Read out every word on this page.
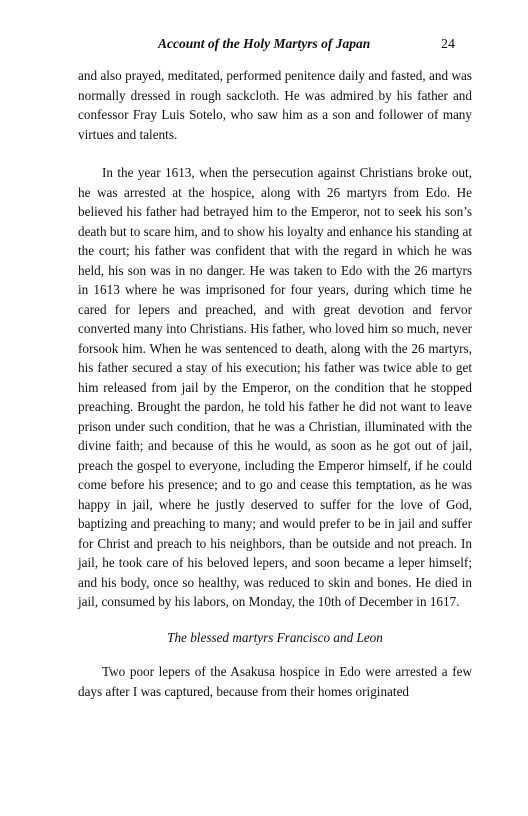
Account of the Holy Martyrs of Japan	24

and also prayed, meditated, performed penitence daily and fasted, and was normally dressed in rough sackcloth. He was admired by his father and confessor Fray Luis Sotelo, who saw him as a son and follower of many virtues and talents.

In the year 1613, when the persecution against Christians broke out, he was arrested at the hospice, along with 26 martyrs from Edo. He believed his father had betrayed him to the Emperor, not to seek his son’s death but to scare him, and to show his loyalty and enhance his standing at the court; his father was confident that with the regard in which he was held, his son was in no danger. He was taken to Edo with the 26 martyrs in 1613 where he was imprisoned for four years, during which time he cared for lepers and preached, and with great devotion and fervor converted many into Christians. His father, who loved him so much, never forsook him. When he was sentenced to death, along with the 26 martyrs, his father secured a stay of his execution; his father was twice able to get him released from jail by the Emperor, on the condition that he stopped preaching. Brought the pardon, he told his father he did not want to leave prison under such condition, that he was a Christian, illuminated with the divine faith; and because of this he would, as soon as he got out of jail, preach the gospel to everyone, including the Emperor himself, if he could come before his presence; and to go and cease this temptation, as he was happy in jail, where he justly deserved to suffer for the love of God, baptizing and preaching to many; and would prefer to be in jail and suffer for Christ and preach to his neighbors, than be outside and not preach. In jail, he took care of his beloved lepers, and soon became a leper himself; and his body, once so healthy, was reduced to skin and bones. He died in jail, consumed by his labors, on Monday, the 10th of December in 1617.

The blessed martyrs Francisco and Leon

Two poor lepers of the Asakusa hospice in Edo were arrested a few days after I was captured, because from their homes originated
